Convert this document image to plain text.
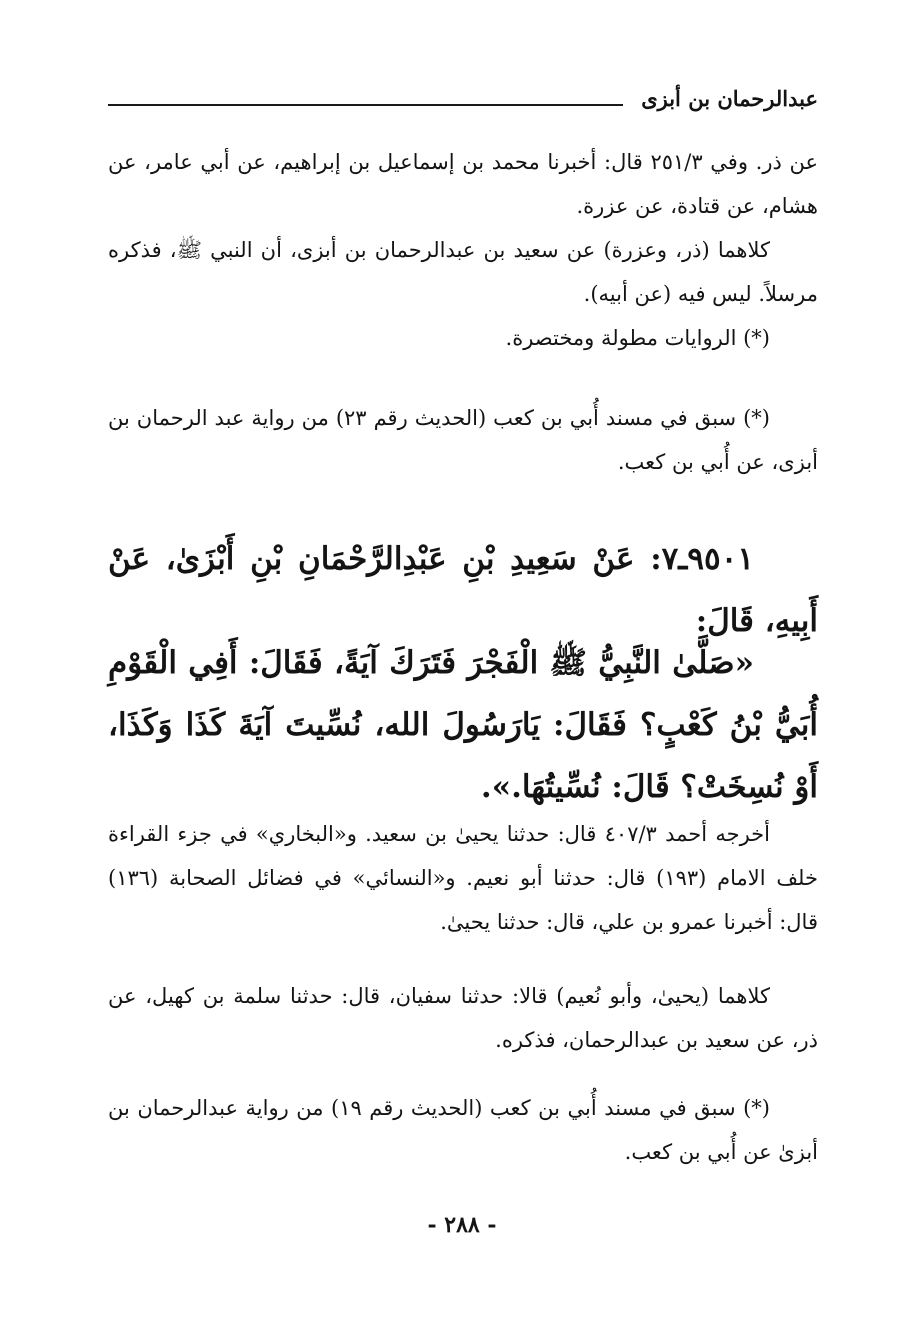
عبدالرحمان بن أبزى

عن ذر. وفي ٢٥١/٣ قال: أخبرنا محمد بن إسماعيل بن إبراهيم، عن أبي عامر، عن هشام، عن قتادة، عن عزرة.

كلاهما (ذر، وعزرة) عن سعيد بن عبدالرحمان بن أبزى، أن النبي ﷺ، فذكره مرسلاً. ليس فيه (عن أبيه).

(*) الروايات مطولة ومختصرة.

(*) سبق في مسند أُبي بن كعب (الحديث رقم ٢٣) من رواية عبد الرحمان بن أبزى، عن أُبي بن كعب.

٩٥٠١ـ٧: عَنْ سَعِيدِ بْنِ عَبْدِالرَّحْمَانِ بْنِ أَبْزَىٰ، عَنْ أَبِيهِ، قَالَ:

«صَلَّىٰ النَّبِيُّ ﷺ الْفَجْرَ فَتَرَكَ آيَةً، فَقَالَ: أَفِي الْقَوْمِ أُبَيُّ بْنُ كَعْبٍ؟ فَقَالَ: يَارَسُولَ الله، نُسِّيتَ آيَةَ كَذَا وَكَذَا، أَوْ نُسِخَتْ؟ قَالَ: نُسِّيتُهَا.».

أخرجه أحمد ٤٠٧/٣ قال: حدثنا يحيىٰ بن سعيد. و«البخاري» في جزء القراءة خلف الامام (١٩٣) قال: حدثنا أبو نعيم. و«النسائي» في فضائل الصحابة (١٣٦) قال: أخبرنا عمرو بن علي، قال: حدثنا يحيىٰ.

كلاهما (يحيىٰ، وأبو نُعيم) قالا: حدثنا سفيان، قال: حدثنا سلمة بن كهيل، عن ذر، عن سعيد بن عبدالرحمان، فذكره.

(*) سبق في مسند أُبي بن كعب (الحديث رقم ١٩) من رواية عبدالرحمان بن أبزىٰ عن أُبي بن كعب.

- ٢٨٨ -
